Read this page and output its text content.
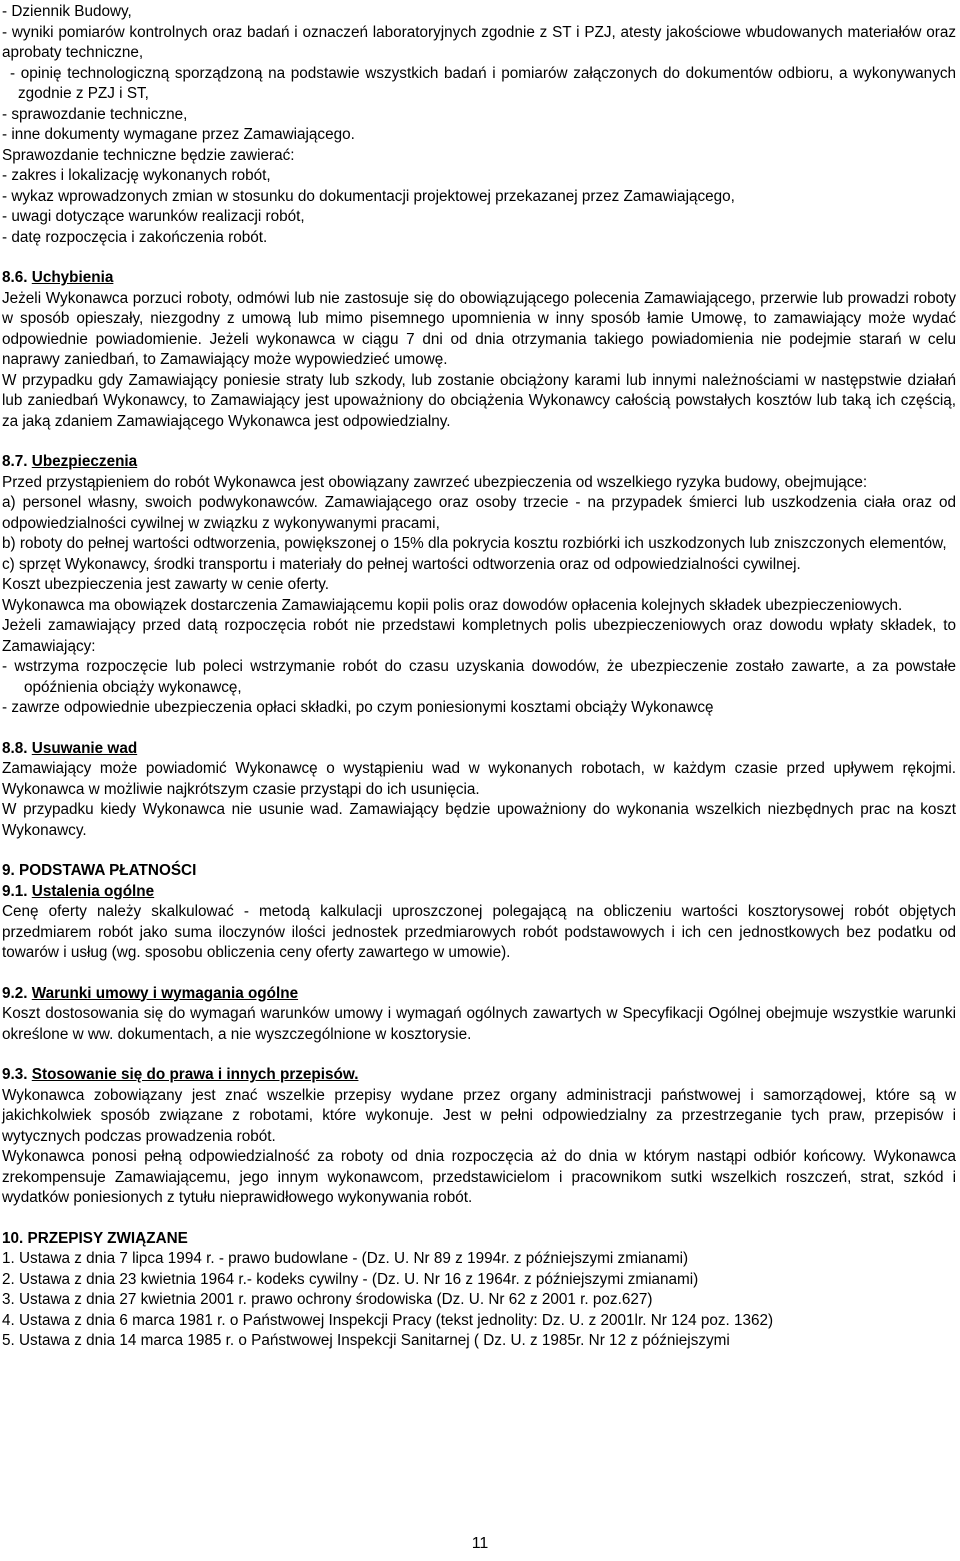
- Dziennik Budowy,

- wyniki pomiarów kontrolnych oraz badań i oznaczeń laboratoryjnych zgodnie z ST i PZJ, atesty jakościowe wbudowanych materiałów oraz aprobaty techniczne,

- opinię technologiczną sporządzoną na podstawie wszystkich badań i pomiarów załączonych do dokumentów odbioru, a wykonywanych zgodnie z PZJ i ST,

- sprawozdanie techniczne,

- inne dokumenty wymagane przez Zamawiającego.

Sprawozdanie techniczne będzie zawierać:

- zakres i lokalizację wykonanych robót,

- wykaz wprowadzonych zmian w stosunku do dokumentacji projektowej przekazanej przez Zamawiającego,

- uwagi dotyczące warunków realizacji robót,

- datę rozpoczęcia i zakończenia robót.

8.6. Uchybienia

Jeżeli Wykonawca porzuci roboty, odmówi lub nie zastosuje się do obowiązującego polecenia Zamawiającego, przerwie lub prowadzi roboty w sposób opieszały, niezgodny z umową lub mimo pisemnego upomnienia w inny sposób łamie Umowę, to zamawiający może wydać odpowiednie powiadomienie. Jeżeli wykonawca w ciągu 7 dni od dnia otrzymania takiego powiadomienia nie podejmie starań w celu naprawy zaniedbań, to Zamawiający może wypowiedzieć umowę.

W przypadku gdy Zamawiający poniesie straty lub szkody, lub zostanie obciążony karami lub innymi należnościami w następstwie działań lub zaniedbań Wykonawcy, to Zamawiający jest upoważniony do obciążenia Wykonawcy całością powstałych kosztów lub taką ich częścią, za jaką zdaniem Zamawiającego Wykonawca jest odpowiedzialny.

8.7. Ubezpieczenia

Przed przystąpieniem do robót Wykonawca jest obowiązany zawrzeć ubezpieczenia od wszelkiego ryzyka budowy, obejmujące:

a) personel własny, swoich podwykonawców. Zamawiającego oraz osoby trzecie - na przypadek śmierci lub uszkodzenia ciała oraz od odpowiedzialności cywilnej w związku z wykonywanymi pracami,

b) roboty do pełnej wartości odtworzenia, powiększonej o 15% dla pokrycia kosztu rozbiórki ich uszkodzonych lub zniszczonych elementów,

c) sprzęt Wykonawcy, środki transportu i materiały do pełnej wartości odtworzenia oraz od odpowiedzialności cywilnej.

Koszt ubezpieczenia jest zawarty w cenie oferty.

Wykonawca ma obowiązek dostarczenia Zamawiającemu kopii polis oraz dowodów opłacenia kolejnych składek ubezpieczeniowych.

Jeżeli zamawiający przed datą rozpoczęcia robót nie przedstawi kompletnych polis ubezpieczeniowych oraz dowodu wpłaty składek, to Zamawiający:

- wstrzyma rozpoczęcie lub poleci wstrzymanie robót do czasu uzyskania dowodów, że ubezpieczenie zostało zawarte, a za powstałe opóźnienia obciąży wykonawcę,

- zawrze odpowiednie ubezpieczenia opłaci składki, po czym poniesionymi kosztami obciąży Wykonawcę

8.8. Usuwanie wad

Zamawiający może powiadomić Wykonawcę o wystąpieniu wad w wykonanych robotach, w każdym czasie przed upływem rękojmi. Wykonawca w możliwie najkrótszym czasie przystąpi do ich usunięcia.

W przypadku kiedy Wykonawca nie usunie wad. Zamawiający będzie upoważniony do wykonania wszelkich niezbędnych prac na koszt Wykonawcy.

9. PODSTAWA PŁATNOŚCI

9.1. Ustalenia ogólne

Cenę oferty należy skalkulować - metodą kalkulacji uproszczonej polegającą na obliczeniu wartości kosztorysowej robót objętych przedmiarem robót jako suma iloczynów ilości jednostek przedmiarowych robót podstawowych i ich cen jednostkowych bez podatku od towarów i usług (wg. sposobu obliczenia ceny oferty zawartego w umowie).

9.2. Warunki umowy i wymagania ogólne

Koszt dostosowania się do wymagań warunków umowy i wymagań ogólnych zawartych w Specyfikacji Ogólnej obejmuje wszystkie warunki określone w ww. dokumentach, a nie wyszczególnione w kosztorysie.

9.3. Stosowanie się do prawa i innych przepisów.

Wykonawca zobowiązany jest znać wszelkie przepisy wydane przez organy administracji państwowej i samorządowej, które są w jakichkolwiek sposób związane z robotami, które wykonuje. Jest w pełni odpowiedzialny za przestrzeganie tych praw, przepisów i wytycznych podczas prowadzenia robót.

Wykonawca ponosi pełną odpowiedzialność za roboty od dnia rozpoczęcia aż do dnia w którym nastąpi odbiór końcowy. Wykonawca zrekompensuje Zamawiającemu, jego innym wykonawcom, przedstawicielom i pracownikom sutki wszelkich roszczeń, strat, szkód i wydatków poniesionych z tytułu nieprawidłowego wykonywania robót.

10. PRZEPISY ZWIĄZANE

1. Ustawa z dnia 7 lipca 1994 r. - prawo budowlane - (Dz. U. Nr 89 z 1994r. z późniejszymi zmianami)
2. Ustawa z dnia 23 kwietnia 1964 r.- kodeks cywilny - (Dz. U. Nr 16 z 1964r. z późniejszymi zmianami)
3. Ustawa z dnia 27 kwietnia 2001 r. prawo ochrony środowiska (Dz. U. Nr 62 z 2001 r. poz.627)
4. Ustawa z dnia 6 marca 1981 r. o Państwowej Inspekcji Pracy (tekst jednolity: Dz. U. z 2001lr. Nr 124 poz. 1362)
5. Ustawa z dnia 14 marca 1985 r. o Państwowej Inspekcji Sanitarnej ( Dz. U. z 1985r. Nr 12 z późniejszymi
11
